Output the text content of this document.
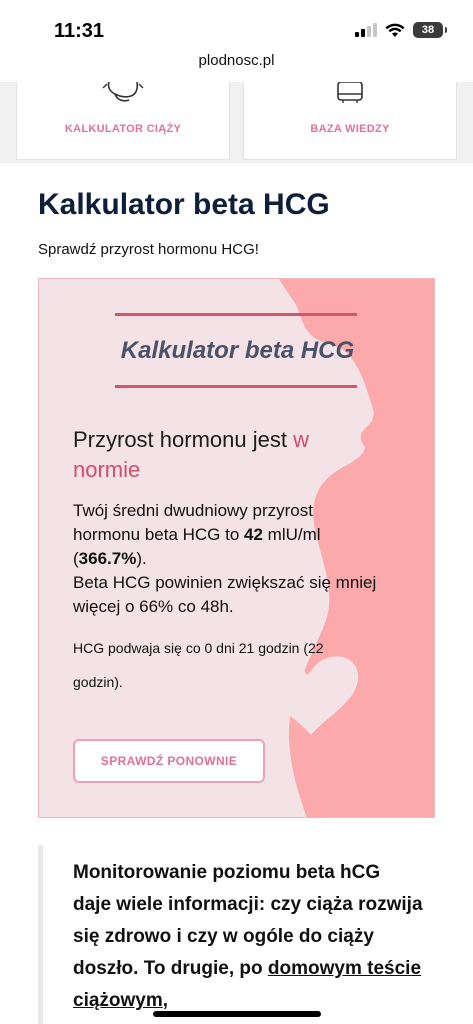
11:31	38
plodnosc.pl
KALKULATOR CIĄŻY	BAZA WIEDZY
Kalkulator beta HCG

Sprawdź przyrost hormonu HCG!

Kalkulator beta HCG
Przyrost hormonu jest w normie
Twój średni dwudniowy przyrost hormonu beta HCG to 42 mlU/ml (366.7%).
Beta HCG powinien zwiększać się mniej więcej o 66% co 48h.
HCG podwaja się co 0 dni 21 godzin (22 godzin).
SPRAWDŹ PONOWNIE
Monitorowanie poziomu beta hCG daje wiele informacji: czy ciąża rozwija się zdrowo i czy w ogóle do ciąży doszło. To drugie, po domowym teście ciążowym,
